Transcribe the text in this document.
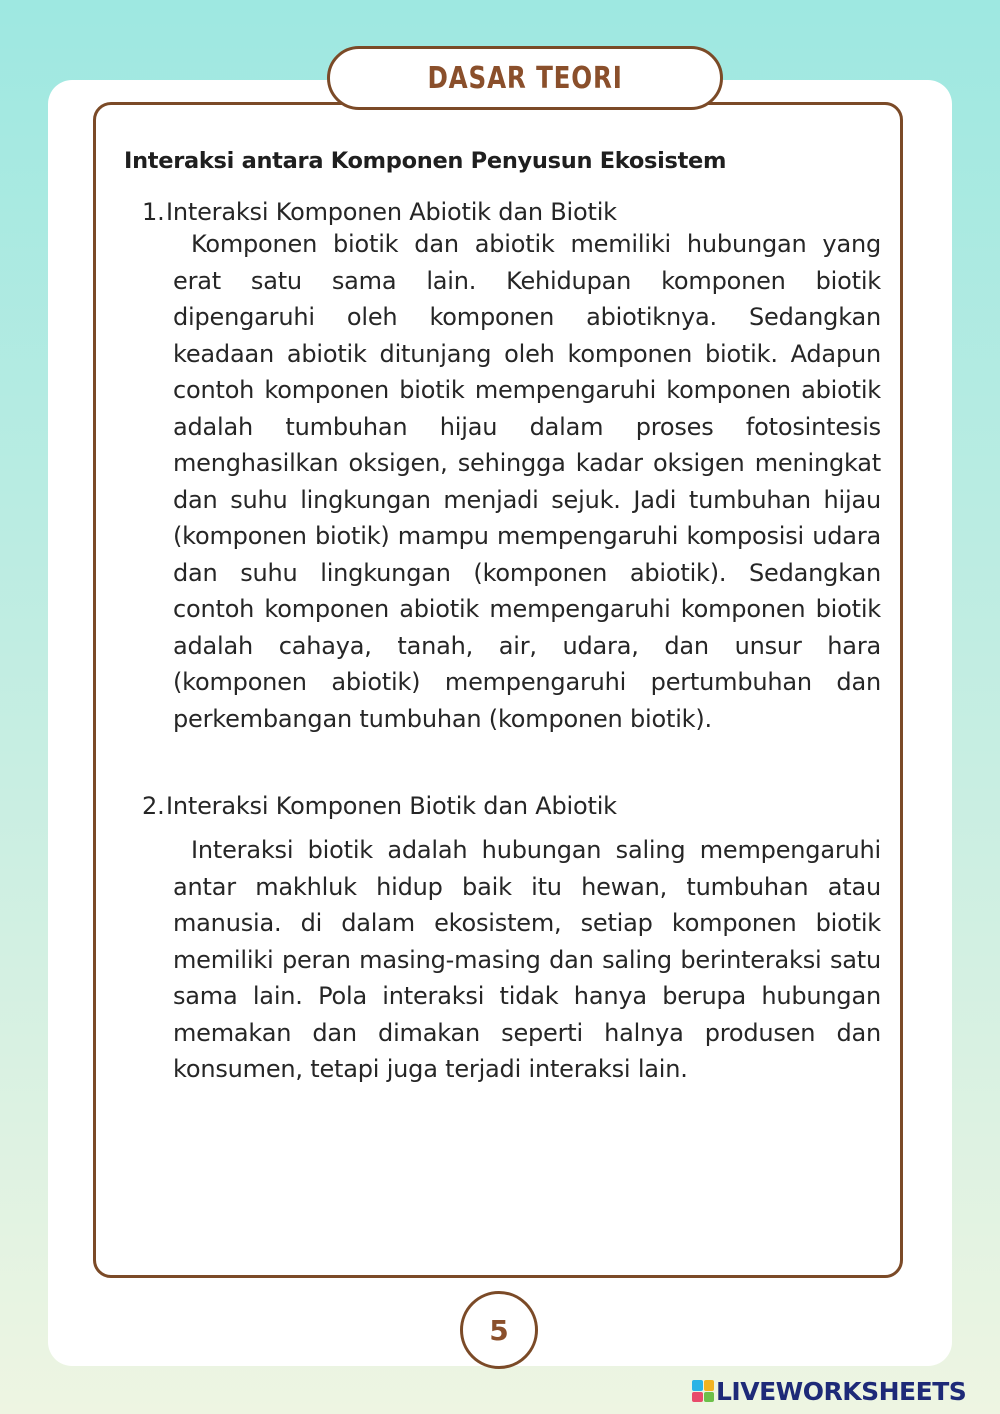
DASAR TEORI
Interaksi antara Komponen Penyusun Ekosistem
1.Interaksi Komponen Abiotik dan Biotik

Komponen biotik dan abiotik memiliki hubungan yang erat satu sama lain. Kehidupan komponen biotik dipengaruhi oleh komponen abiotiknya. Sedangkan keadaan abiotik ditunjang oleh komponen biotik. Adapun contoh komponen biotik mempengaruhi komponen abiotik adalah tumbuhan hijau dalam proses fotosintesis menghasilkan oksigen, sehingga kadar oksigen meningkat dan suhu lingkungan menjadi sejuk. Jadi tumbuhan hijau (komponen biotik) mampu mempengaruhi komposisi udara dan suhu lingkungan (komponen abiotik). Sedangkan contoh komponen abiotik mempengaruhi komponen biotik adalah cahaya, tanah, air, udara, dan unsur hara (komponen abiotik) mempengaruhi pertumbuhan dan perkembangan tumbuhan (komponen biotik).

2.Interaksi Komponen Biotik dan Abiotik

Interaksi biotik adalah hubungan saling mempengaruhi antar makhluk hidup baik itu hewan, tumbuhan atau manusia. di dalam ekosistem, setiap komponen biotik memiliki peran masing-masing dan saling berinteraksi satu sama lain. Pola interaksi tidak hanya berupa hubungan memakan dan dimakan seperti halnya produsen dan konsumen, tetapi juga terjadi interaksi lain.

5
LIVEWORKSHEETS
